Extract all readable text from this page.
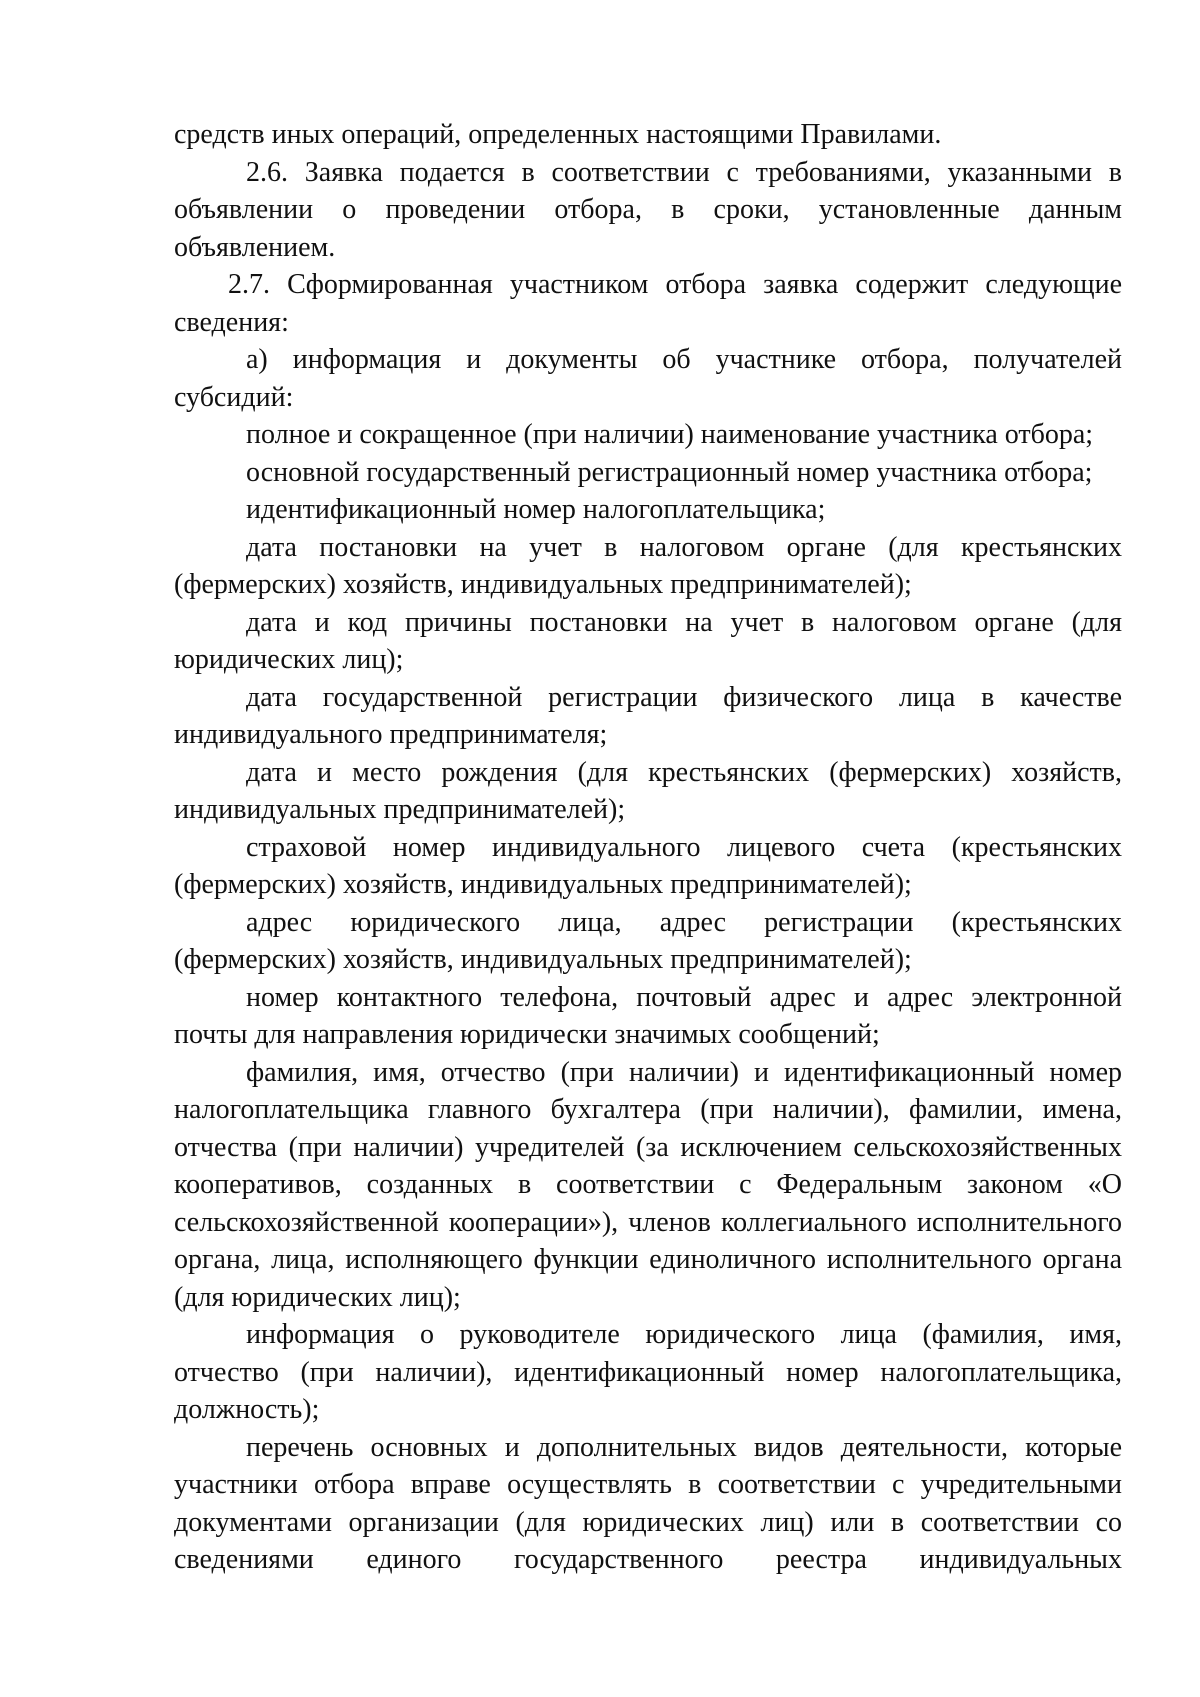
средств иных операций, определенных настоящими Правилами.

2.6. Заявка подается в соответствии с требованиями, указанными в объявлении о проведении отбора, в сроки, установленные данным объявлением.

2.7. Сформированная участником отбора заявка содержит следующие сведения:

а) информация и документы об участнике отбора, получателей субсидий:

полное и сокращенное (при наличии) наименование участника отбора;

основной государственный регистрационный номер участника отбора;

идентификационный номер налогоплательщика;

дата постановки на учет в налоговом органе (для крестьянских (фермерских) хозяйств, индивидуальных предпринимателей);

дата и код причины постановки на учет в налоговом органе (для юридических лиц);

дата государственной регистрации физического лица в качестве индивидуального предпринимателя;

дата и место рождения (для крестьянских (фермерских) хозяйств, индивидуальных предпринимателей);

страховой номер индивидуального лицевого счета (крестьянских (фермерских) хозяйств, индивидуальных предпринимателей);

адрес юридического лица, адрес регистрации (крестьянских (фермерских) хозяйств, индивидуальных предпринимателей);

номер контактного телефона, почтовый адрес и адрес электронной почты для направления юридически значимых сообщений;

фамилия, имя, отчество (при наличии) и идентификационный номер налогоплательщика главного бухгалтера (при наличии), фамилии, имена, отчества (при наличии) учредителей (за исключением сельскохозяйственных кооперативов, созданных в соответствии с Федеральным законом «О сельскохозяйственной кооперации»), членов коллегиального исполнительного органа, лица, исполняющего функции единоличного исполнительного органа (для юридических лиц);

информация о руководителе юридического лица (фамилия, имя, отчество (при наличии), идентификационный номер налогоплательщика, должность);

перечень основных и дополнительных видов деятельности, которые участники отбора вправе осуществлять в соответствии с учредительными документами организации (для юридических лиц) или в соответствии со сведениями единого государственного реестра индивидуальных
